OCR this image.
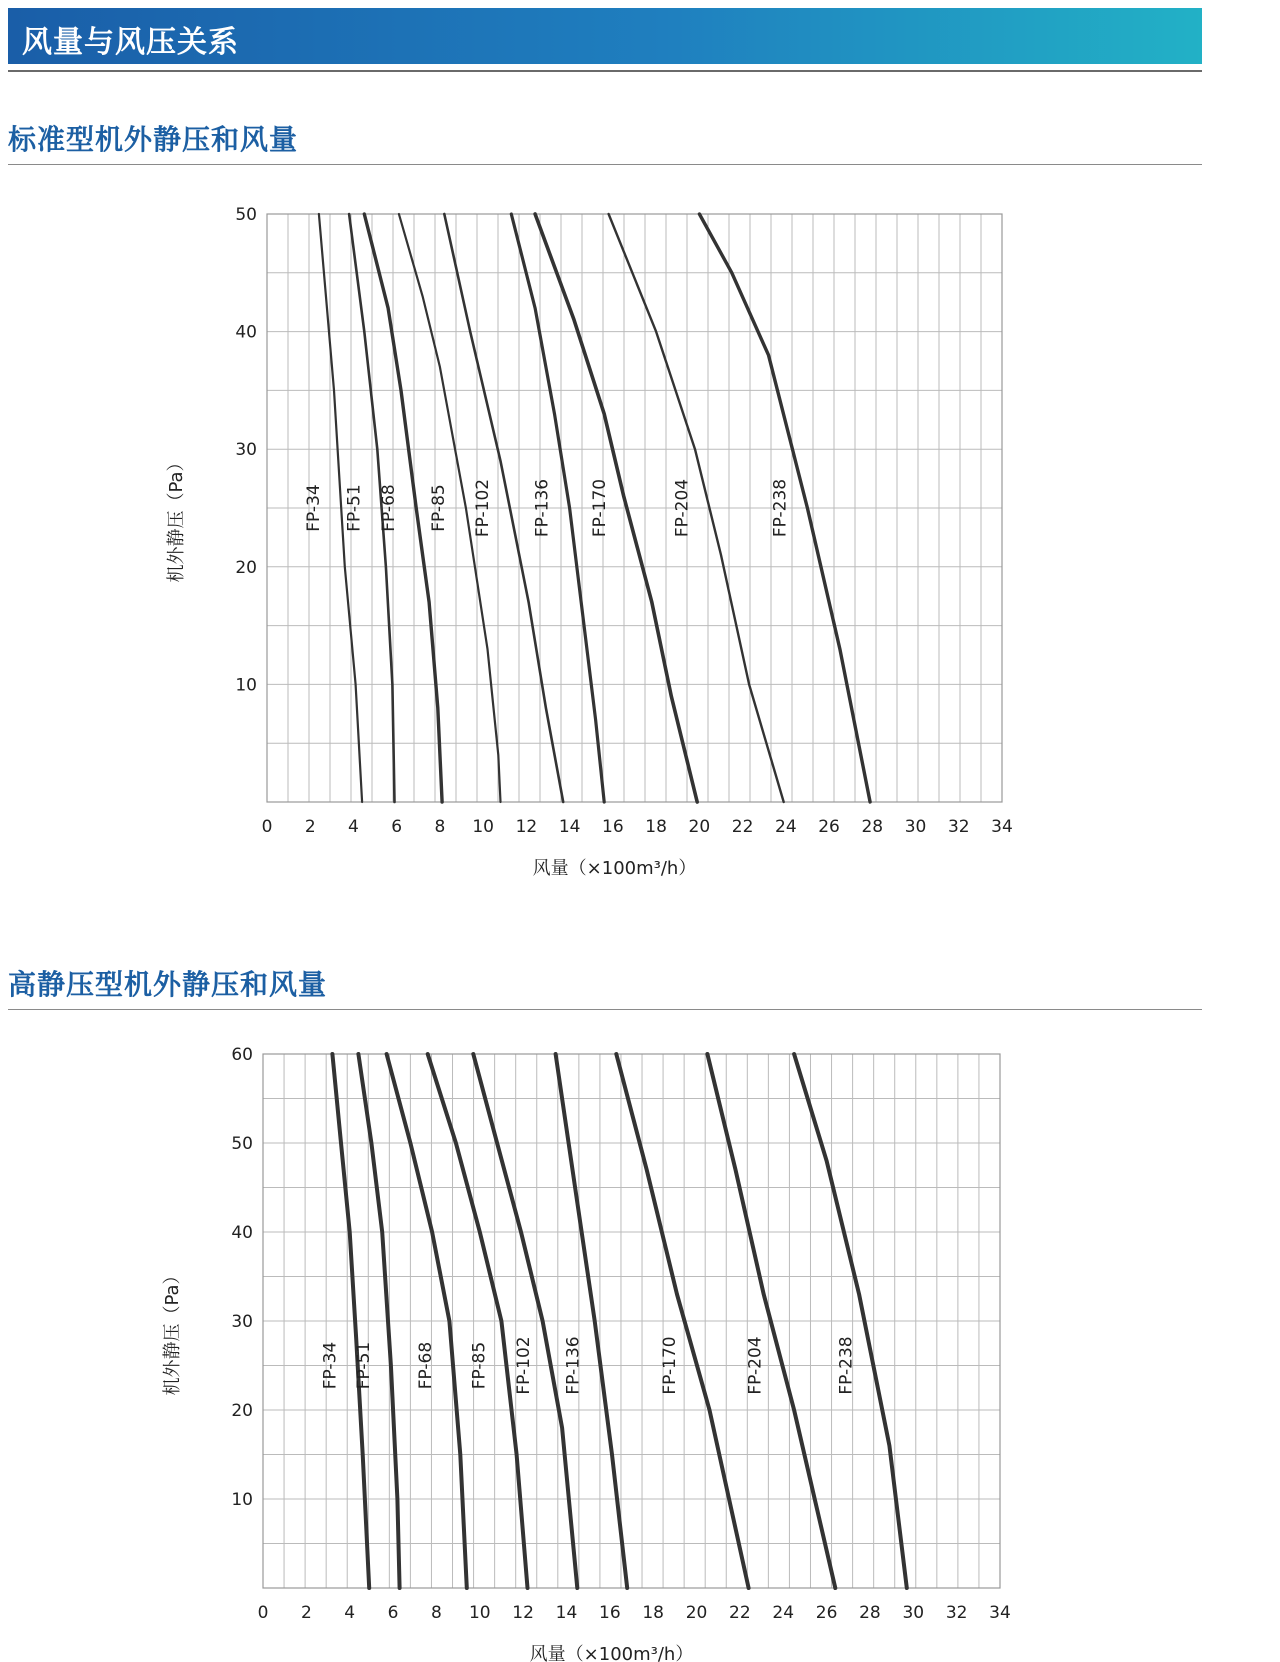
风量与风压关系
标准型机外静压和风量
0 2 4 6 8 10 12 14 16 18 20 22 24 26 28 30 32 34
10
20
30
40
50
风量（×100m³/h）
机外静压（Pa）	FP-34 FP-51 FP-68 FP-85 FP-102 FP-136 FP-170	FP-204	FP-238
高静压型机外静压和风量
0 2 4 6 8 10 12 14 16 18 20 22 24 26 28 30 32 34
10
20
30
40
50
60
风量（×100m³/h）
机外静压（Pa）	FP-34 FP-51 FP-68 FP-85 FP-102 FP-136	FP-170	FP-204	FP-238
